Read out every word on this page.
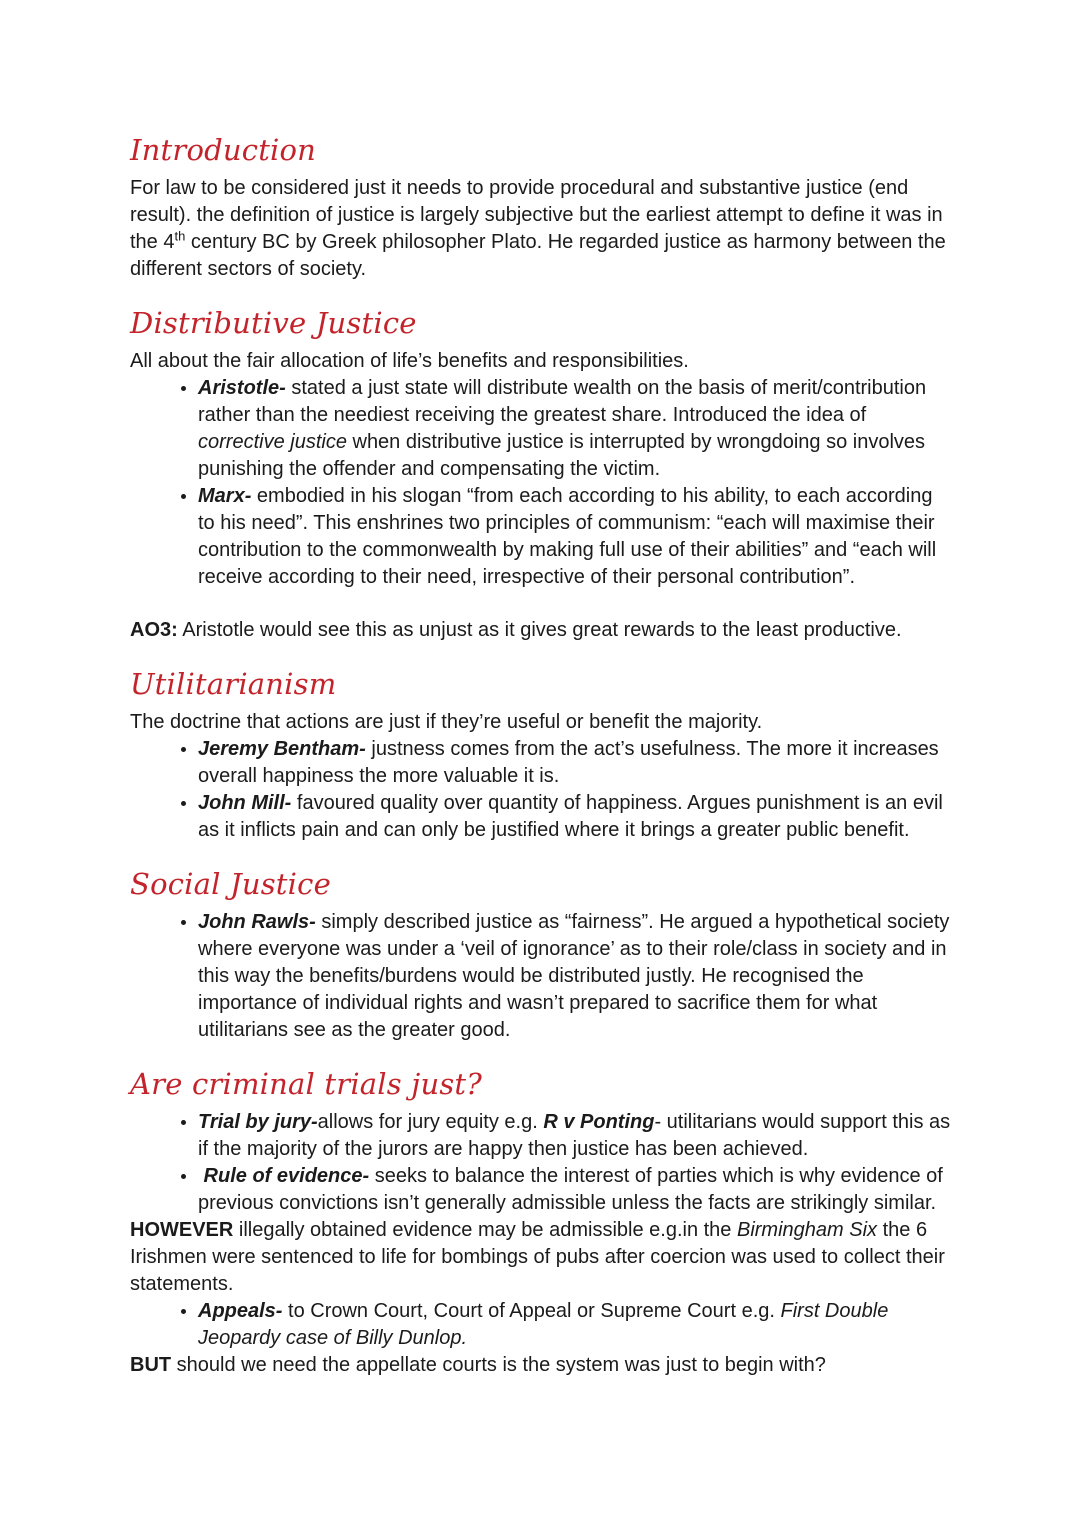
Introduction

For law to be considered just it needs to provide procedural and substantive justice (end result). the definition of justice is largely subjective but the earliest attempt to define it was in the 4th century BC by Greek philosopher Plato. He regarded justice as harmony between the different sectors of society.

Distributive Justice

All about the fair allocation of life’s benefits and responsibilities.

• Aristotle- stated a just state will distribute wealth on the basis of merit/contribution rather than the neediest receiving the greatest share. Introduced the idea of corrective justice when distributive justice is interrupted by wrongdoing so involves punishing the offender and compensating the victim.
• Marx- embodied in his slogan “from each according to his ability, to each according to his need”. This enshrines two principles of communism: “each will maximise their contribution to the commonwealth by making full use of their abilities” and “each will receive according to their need, irrespective of their personal contribution”.

AO3: Aristotle would see this as unjust as it gives great rewards to the least productive.

Utilitarianism

The doctrine that actions are just if they’re useful or benefit the majority.

• Jeremy Bentham- justness comes from the act’s usefulness. The more it increases overall happiness the more valuable it is.
• John Mill- favoured quality over quantity of happiness. Argues punishment is an evil as it inflicts pain and can only be justified where it brings a greater public benefit.
Social Justice
• John Rawls- simply described justice as “fairness”. He argued a hypothetical society where everyone was under a ‘veil of ignorance’ as to their role/class in society and in this way the benefits/burdens would be distributed justly. He recognised the importance of individual rights and wasn’t prepared to sacrifice them for what utilitarians see as the greater good.
Are criminal trials just?
• Trial by jury-allows for jury equity e.g. R v Ponting- utilitarians would support this as if the majority of the jurors are happy then justice has been achieved.
•  Rule of evidence- seeks to balance the interest of parties which is why evidence of previous convictions isn’t generally admissible unless the facts are strikingly similar.

HOWEVER illegally obtained evidence may be admissible e.g.in the Birmingham Six the 6 Irishmen were sentenced to life for bombings of pubs after coercion was used to collect their statements.

• Appeals- to Crown Court, Court of Appeal or Supreme Court e.g. First Double Jeopardy case of Billy Dunlop.

BUT should we need the appellate courts is the system was just to begin with?
